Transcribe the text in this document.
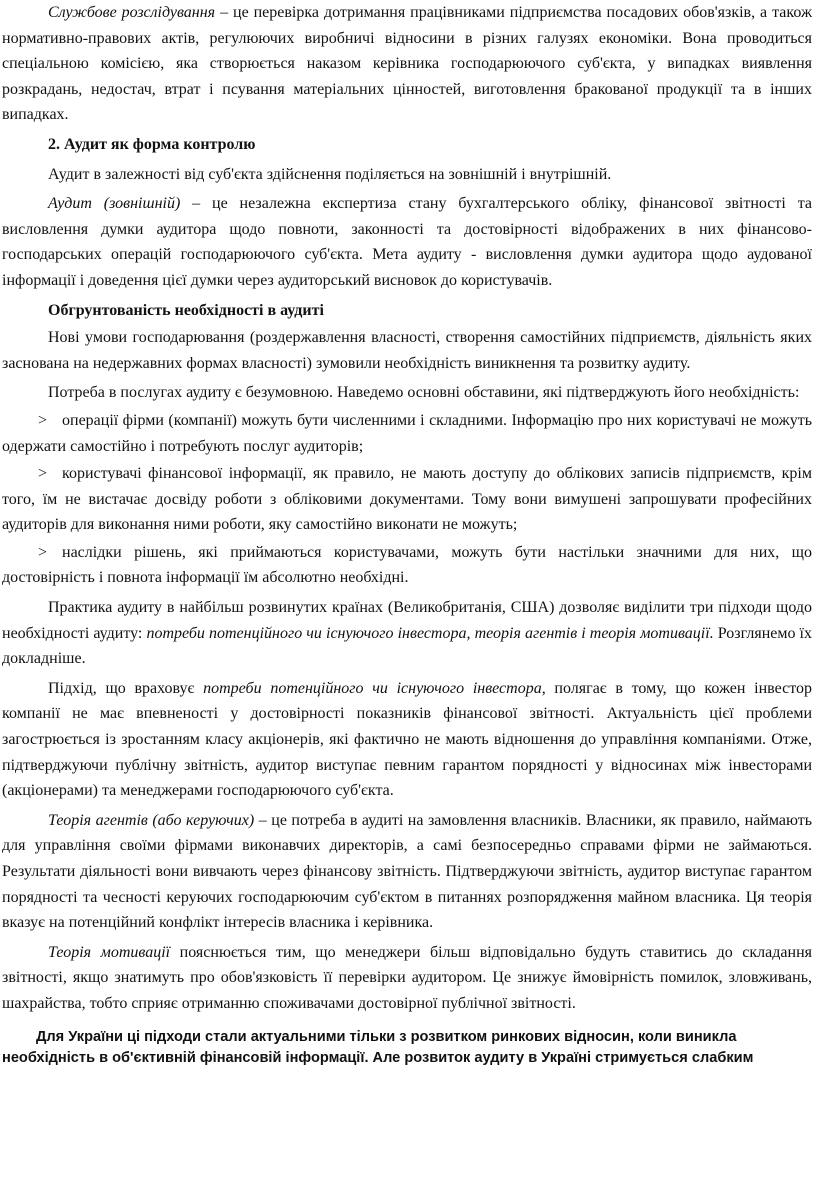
Службове розслідування – це перевірка дотримання працівниками підприємства посадових обов'язків, а також нормативно-правових актів, регулюючих виробничі відносини в різних галузях економіки. Вона проводиться спеціальною комісією, яка створюється наказом керівника господарюючого суб'єкта, у випадках виявлення розкрадань, недостач, втрат і псування матеріальних цінностей, виготовлення бракованої продукції та в інших випадках.

2. Аудит як форма контролю

Аудит в залежності від суб'єкта здійснення поділяється на зовнішній і внутрішній.

Аудит (зовнішній) – це незалежна експертиза стану бухгалтерського обліку, фінансової звітності та висловлення думки аудитора щодо повноти, законності та достовірності відображених в них фінансово-господарських операцій господарюючого суб'єкта. Мета аудиту - висловлення думки аудитора щодо аудованої інформації і доведення цієї думки через аудиторський висновок до користувачів.

Обгрунтованість необхідності в аудиті

Нові умови господарювання (роздержавлення власності, створення самостійних підприємств, діяльність яких заснована на недержавних формах власності) зумовили необхідність виникнення та розвитку аудиту.

Потреба в послугах аудиту є безумовною. Наведемо основні обставини, які підтверджують його необхідність:

> операції фірми (компанії) можуть бути численними і складними. Інформацію про них користувачі не можуть одержати самостійно і потребують послуг аудиторів;

> користувачі фінансової інформації, як правило, не мають доступу до облікових записів підприємств, крім того, їм не вистачає досвіду роботи з обліковими документами. Тому вони вимушені запрошувати професійних аудиторів для виконання ними роботи, яку самостійно виконати не можуть;

> наслідки рішень, які приймаються користувачами, можуть бути настільки значними для них, що достовірність і повнота інформації їм абсолютно необхідні.

Практика аудиту в найбільш розвинутих країнах (Великобританія, США) дозволяє виділити три підходи щодо необхідності аудиту: потреби потенційного чи існуючого інвестора, теорія агентів і теорія мотивації. Розглянемо їх докладніше.

Підхід, що враховує потреби потенційного чи існуючого інвестора, полягає в тому, що кожен інвестор компанії не має впевненості у достовірності показників фінансової звітності. Актуальність цієї проблеми загострюється із зростанням класу акціонерів, які фактично не мають відношення до управління компаніями. Отже, підтверджуючи публічну звітність, аудитор виступає певним гарантом порядності у відносинах між інвесторами (акціонерами) та менеджерами господарюючого суб'єкта.

Теорія агентів (або керуючих) – це потреба в аудиті на замовлення власників. Власники, як правило, наймають для управління своїми фірмами виконавчих директорів, а самі безпосередньо справами фірми не займаються. Результати діяльності вони вивчають через фінансову звітність. Підтверджуючи звітність, аудитор виступає гарантом порядності та чесності керуючих господарюючим суб'єктом в питаннях розпорядження майном власника. Ця теорія вказує на потенційний конфлікт інтересів власника і керівника.

Теорія мотивації пояснюється тим, що менеджери більш відповідально будуть ставитись до складання звітності, якщо знатимуть про обов'язковість її перевірки аудитором. Це знижує ймовірність помилок, зловживань, шахрайства, тобто сприяє отриманню споживачами достовірної публічної звітності.

Для України ці підходи стали актуальними тільки з розвитком ринкових відносин, коли виникла необхідність в об'єктивній фінансовій інформації. Але розвиток аудиту в Україні стримується слабким
